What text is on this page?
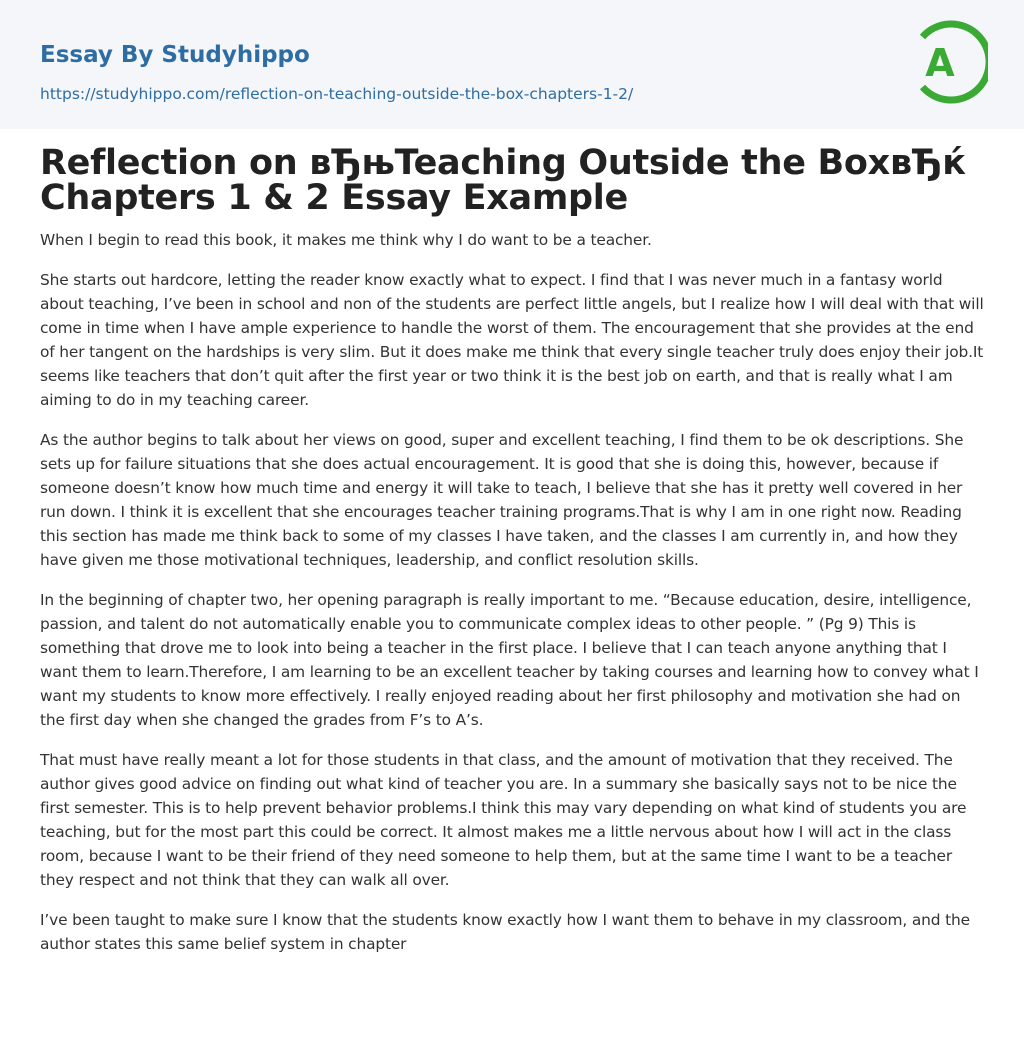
Essay By Studyhippo
https://studyhippo.com/reflection-on-teaching-outside-the-box-chapters-1-2/
A
Reflection on вЂњTeaching Outside the BoxвЂќ
Chapters 1 & 2 Essay Example

When I begin to read this book, it makes me think why I do want to be a teacher.

She starts out hardcore, letting the reader know exactly what to expect. I find that I was never much in a fantasy world about teaching, I’ve been in school and non of the students are perfect little angels, but I realize how I will deal with that will come in time when I have ample experience to handle the worst of them. The encouragement that she provides at the end of her tangent on the hardships is very slim. But it does make me think that every single teacher truly does enjoy their job.It seems like teachers that don’t quit after the first year or two think it is the best job on earth, and that is really what I am aiming to do in my teaching career.

As the author begins to talk about her views on good, super and excellent teaching, I find them to be ok descriptions. She sets up for failure situations that she does actual encouragement. It is good that she is doing this, however, because if someone doesn’t know how much time and energy it will take to teach, I believe that she has it pretty well covered in her run down. I think it is excellent that she encourages teacher training programs.That is why I am in one right now. Reading this section has made me think back to some of my classes I have taken, and the classes I am currently in, and how they have given me those motivational techniques, leadership, and conflict resolution skills.

In the beginning of chapter two, her opening paragraph is really important to me. “Because education, desire, intelligence, passion, and talent do not automatically enable you to communicate complex ideas to other people. ” (Pg 9) This is something that drove me to look into being a teacher in the first place. I believe that I can teach anyone anything that I want them to learn.Therefore, I am learning to be an excellent teacher by taking courses and learning how to convey what I want my students to know more effectively. I really enjoyed reading about her first philosophy and motivation she had on the first day when she changed the grades from F’s to A’s.

That must have really meant a lot for those students in that class, and the amount of motivation that they received. The author gives good advice on finding out what kind of teacher you are. In a summary she basically says not to be nice the first semester. This is to help prevent behavior problems.I think this may vary depending on what kind of students you are teaching, but for the most part this could be correct. It almost makes me a little nervous about how I will act in the class room, because I want to be their friend of they need someone to help them, but at the same time I want to be a teacher they respect and not think that they can walk all over.

I’ve been taught to make sure I know that the students know exactly how I want them to behave in my classroom, and the author states this same belief system in chapter
